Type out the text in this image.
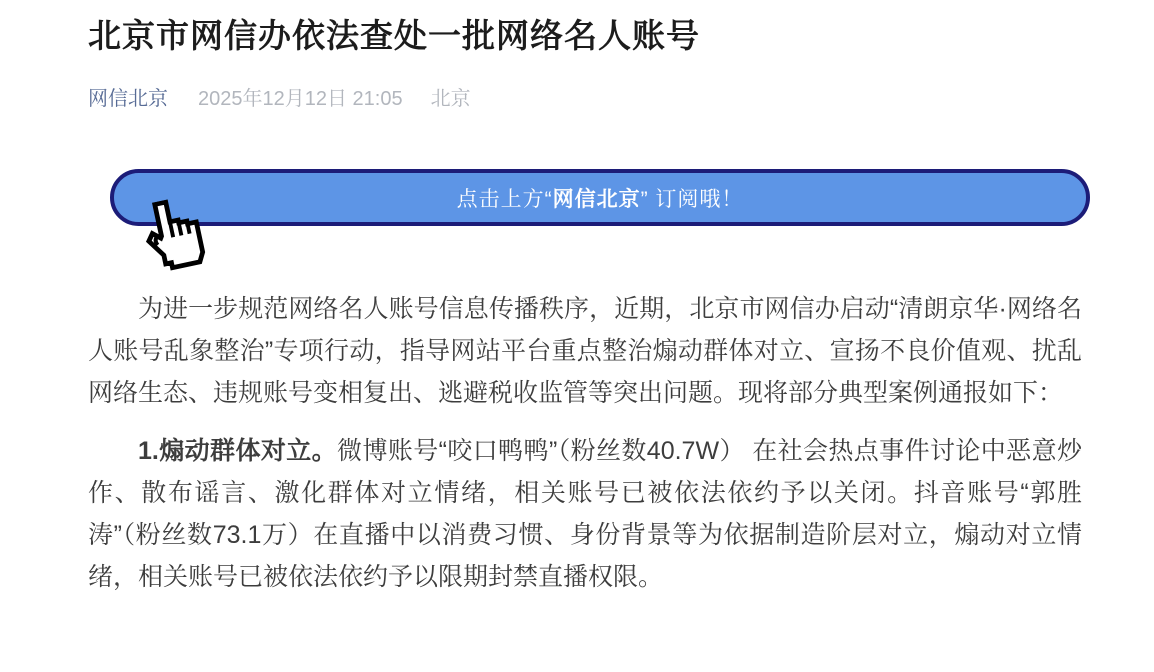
北京市网信办依法查处一批网络名人账号
网信北京 2025年12月12日 21:05 北京
点击上方“ 网信北京 ” 订阅哦！

为进一步规范网络名人账号信息传播秩序，近期，北京市网信办启动“清朗京华·网络名人账号乱象整治”专项行动，指导网站平台重点整治煽动群体对立、宣扬不良价值观、扰乱网络生态、违规账号变相复出、逃避税收监管等突出问题。现将部分典型案例通报如下：

1.煽动群体对立。微博账号“咬口鸭鸭”（粉丝数40.7W） 在社会热点事件讨论中恶意炒作、散布谣言、激化群体对立情绪，相关账号已被依法依约予以关闭。抖音账号“郭胜涛”（粉丝数73.1万）在直播中以消费习惯、身份背景等为依据制造阶层对立，煽动对立情绪，相关账号已被依法依约予以限期封禁直播权限。
